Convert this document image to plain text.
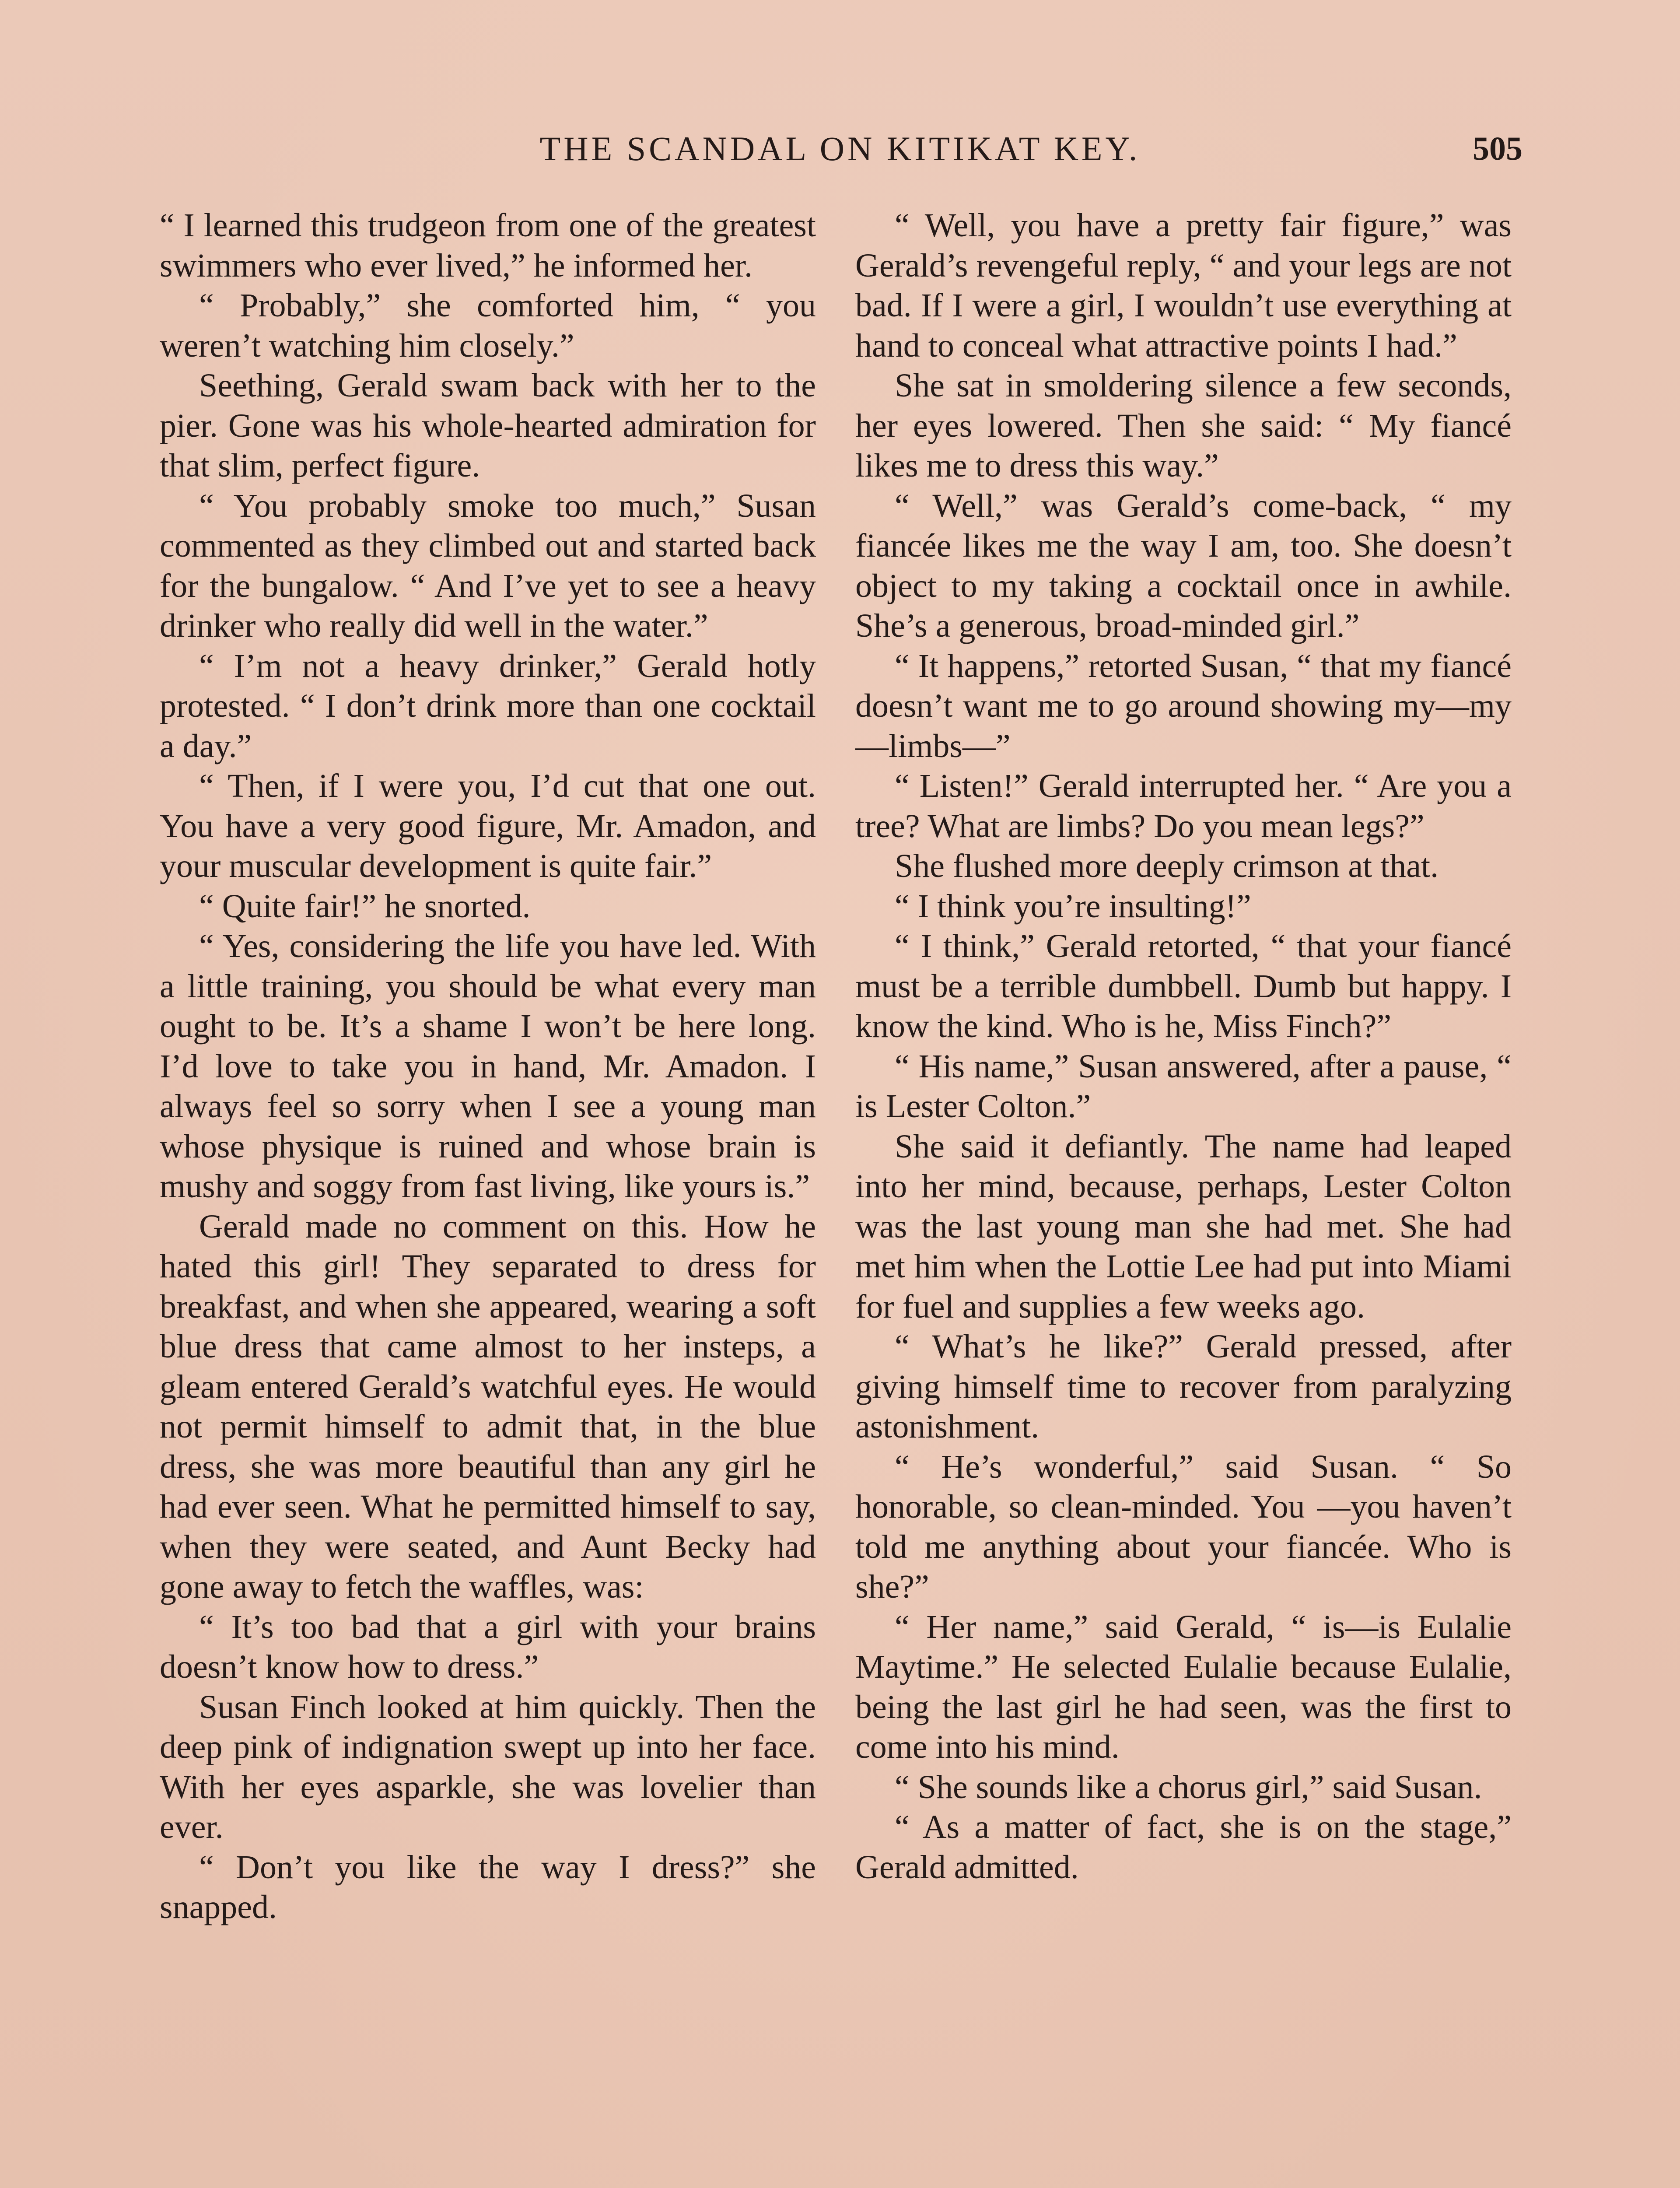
THE SCANDAL ON KITIKAT KEY.	505

“ I learned this trudgeon from one of the greatest swimmers who ever lived,” he informed her.

“ Probably,” she comforted him, “ you weren’t watching him closely.”

Seething, Gerald swam back with her to the pier. Gone was his whole-hearted admiration for that slim, perfect figure.

“ You probably smoke too much,” Susan commented as they climbed out and started back for the bungalow. “ And I’ve yet to see a heavy drinker who really did well in the water.”

“ I’m not a heavy drinker,” Gerald hotly protested. “ I don’t drink more than one cocktail a day.”

“ Then, if I were you, I’d cut that one out. You have a very good figure, Mr. Amadon, and your muscular development is quite fair.”

“ Quite fair!” he snorted.

“ Yes, considering the life you have led. With a little training, you should be what every man ought to be. It’s a shame I won’t be here long. I’d love to take you in hand, Mr. Amadon. I always feel so sorry when I see a young man whose physique is ruined and whose brain is mushy and soggy from fast living, like yours is.”

Gerald made no comment on this. How he hated this girl! They separated to dress for breakfast, and when she appeared, wearing a soft blue dress that came almost to her insteps, a gleam entered Gerald’s watchful eyes. He would not permit himself to admit that, in the blue dress, she was more beautiful than any girl he had ever seen. What he permitted himself to say, when they were seated, and Aunt Becky had gone away to fetch the waffles, was:

“ It’s too bad that a girl with your brains doesn’t know how to dress.”

Susan Finch looked at him quickly. Then the deep pink of indignation swept up into her face. With her eyes asparkle, she was lovelier than ever.

“ Don’t you like the way I dress?” she snapped.

“ Well, you have a pretty fair figure,” was Gerald’s revengeful reply, “ and your legs are not bad. If I were a girl, I wouldn’t use everything at hand to conceal what attractive points I had.”

She sat in smoldering silence a few seconds, her eyes lowered. Then she said: “ My fiancé likes me to dress this way.”

“ Well,” was Gerald’s come-back, “ my fiancée likes me the way I am, too. She doesn’t object to my taking a cocktail once in awhile. She’s a generous, broad-minded girl.”

“ It happens,” retorted Susan, “ that my fiancé doesn’t want me to go around showing my—my—limbs—”

“ Listen!” Gerald interrupted her. “ Are you a tree? What are limbs? Do you mean legs?”

She flushed more deeply crimson at that.

“ I think you’re insulting!”

“ I think,” Gerald retorted, “ that your fiancé must be a terrible dumbbell. Dumb but happy. I know the kind. Who is he, Miss Finch?”

“ His name,” Susan answered, after a pause, “ is Lester Colton.”

She said it defiantly. The name had leaped into her mind, because, perhaps, Lester Colton was the last young man she had met. She had met him when the Lottie Lee had put into Miami for fuel and supplies a few weeks ago.

“ What’s he like?” Gerald pressed, after giving himself time to recover from paralyzing astonishment.

“ He’s wonderful,” said Susan. “ So honorable, so clean-minded. You —you haven’t told me anything about your fiancée. Who is she?”

“ Her name,” said Gerald, “ is—is Eulalie Maytime.” He selected Eulalie because Eulalie, being the last girl he had seen, was the first to come into his mind.

“ She sounds like a chorus girl,” said Susan.

“ As a matter of fact, she is on the stage,” Gerald admitted.
